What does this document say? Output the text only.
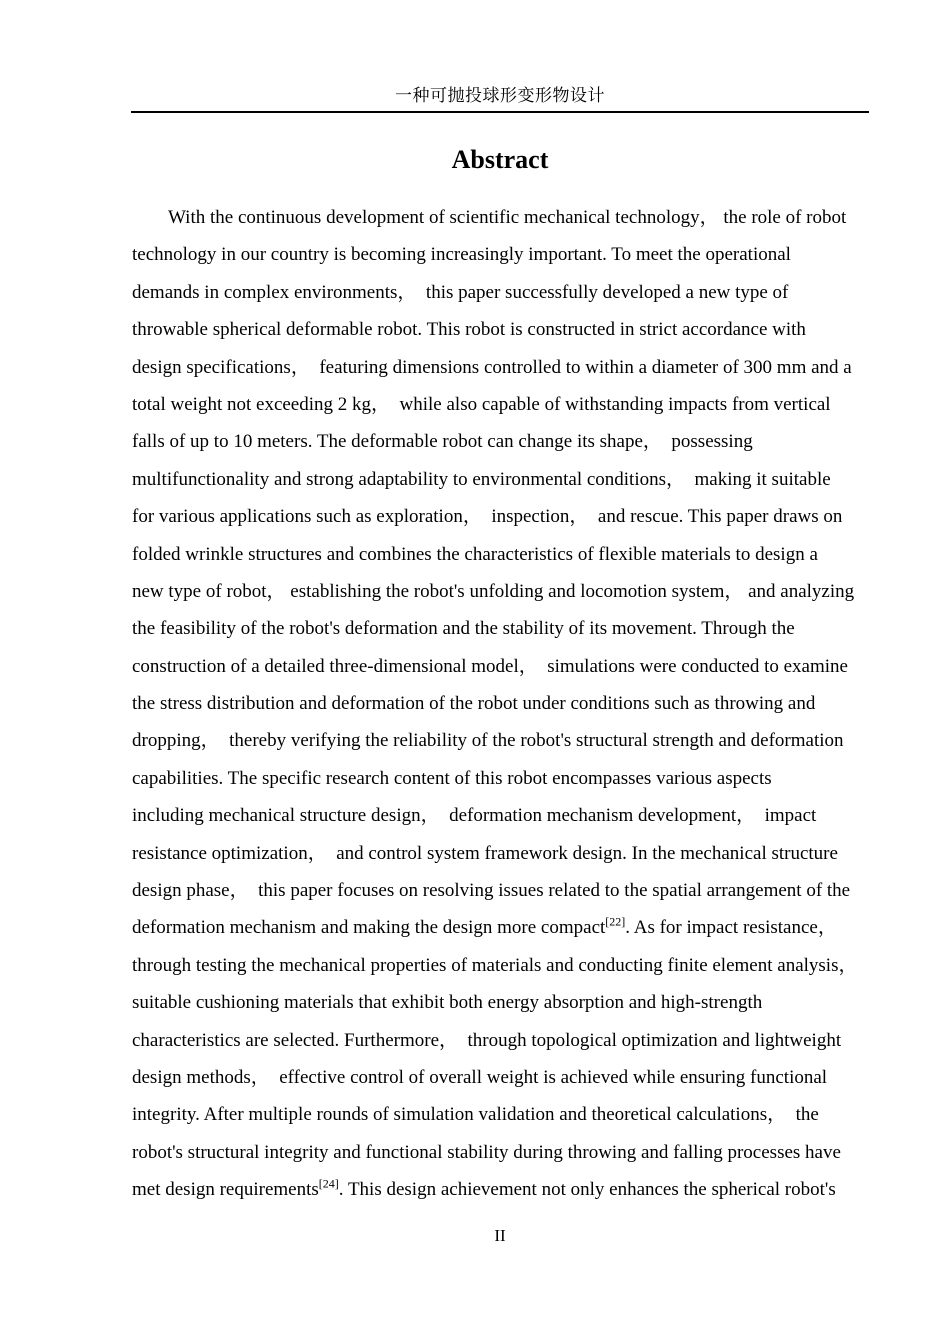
一种可抛投球形变形物设计
Abstract
With the continuous development of scientific mechanical technology， the role of robot
technology in our country is becoming increasingly important. To meet the operational
demands in complex environments，  this paper successfully developed a new type of
throwable spherical deformable robot. This robot is constructed in strict accordance with
design specifications，  featuring dimensions controlled to within a diameter of 300 mm and a
total weight not exceeding 2 kg，  while also capable of withstanding impacts from vertical
falls of up to 10 meters. The deformable robot can change its shape，  possessing
multifunctionality and strong adaptability to environmental conditions，  making it suitable
for various applications such as exploration，  inspection，  and rescue. This paper draws on
folded wrinkle structures and combines the characteristics of flexible materials to design a
new type of robot， establishing the robot's unfolding and locomotion system， and analyzing
the feasibility of the robot's deformation and the stability of its movement. Through the
construction of a detailed three-dimensional model，  simulations were conducted to examine
the stress distribution and deformation of the robot under conditions such as throwing and
dropping，  thereby verifying the reliability of the robot's structural strength and deformation
capabilities. The specific research content of this robot encompasses various aspects
including mechanical structure design，  deformation mechanism development，  impact
resistance optimization，  and control system framework design. In the mechanical structure
design phase，  this paper focuses on resolving issues related to the spatial arrangement of the
deformation mechanism and making the design more compact[22]. As for impact resistance，
through testing the mechanical properties of materials and conducting finite element analysis，
suitable cushioning materials that exhibit both energy absorption and high-strength
characteristics are selected. Furthermore，  through topological optimization and lightweight
design methods，  effective control of overall weight is achieved while ensuring functional
integrity. After multiple rounds of simulation validation and theoretical calculations，  the
robot's structural integrity and functional stability during throwing and falling processes have
met design requirements[24]. This design achievement not only enhances the spherical robot's
II
